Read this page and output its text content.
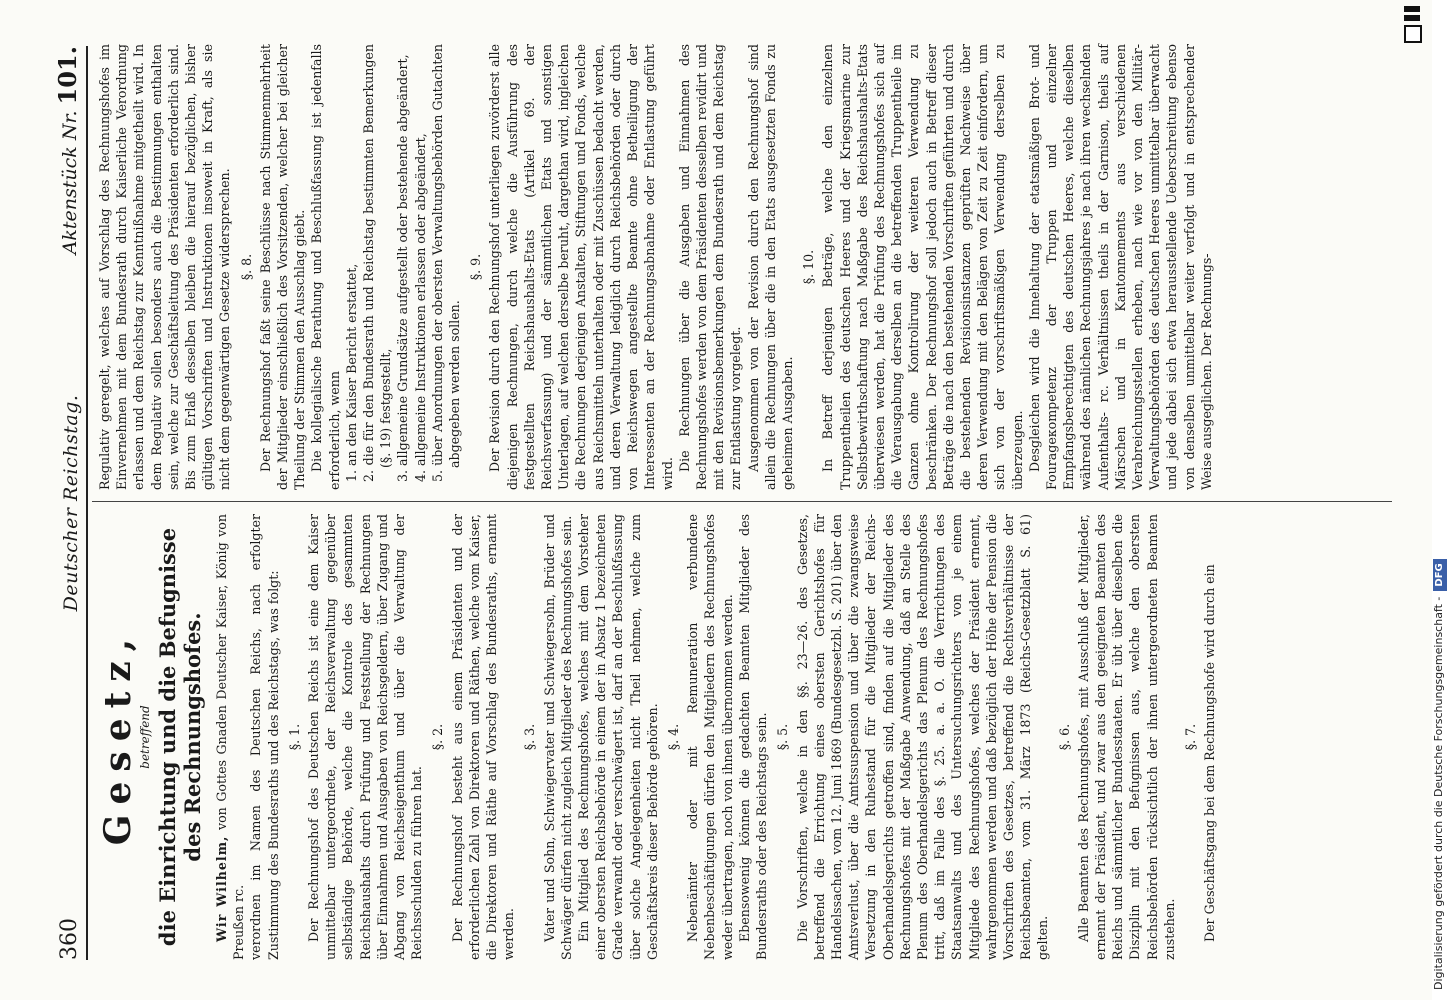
360
Deutscher Reichstag.
Aktenstück Nr. 101.
Gesetz, betreffend die Einrichtung und die Befugnisse des Rechnungshofes.

Wir Wilhelm, von Gottes Gnaden Deutscher Kaiser, König von Preußen rc. verordnen im Namen des Deutschen Reichs, nach erfolgter Zustimmung des Bundesraths und des Reichstags, was folgt: §. 1. Der Rechnungshof des Deutschen Reichs ist eine dem Kaiser unmittelbar untergeordnete, der Reichsverwaltung gegenüber selbständige Behörde, welche die Kontrole des gesammten Reichshaushalts durch Prüfung und Feststellung der Rechnungen über Einnahmen und Ausgaben von Reichsgeldern, über Zugang und Abgang von Reichseigenthum und über die Verwaltung der Reichsschulden zu führen hat.

§. 2. Der Rechnungshof besteht aus einem Präsidenten und der erforderlichen Zahl von Direktoren und Räthen, welche vom Kaiser, die Direktoren und Räthe auf Vorschlag des Bundesraths, ernannt werden.

§. 3. Vater und Sohn, Schwiegervater und Schwiegersohn, Brüder und Schwäger dürfen nicht zugleich Mitglieder des Rechnungshofes sein. Ein Mitglied des Rechnungshofes, welches mit dem Vorsteher einer obersten Reichsbehörde in einem der in Absatz 1 bezeichneten Grade verwandt oder verschwägert ist, darf an der Beschlußfassung über solche Angelegenheiten nicht Theil nehmen, welche zum Geschäftskreis dieser Behörde gehören. §. 4. Nebenämter oder mit Remuneration verbundene Nebenbeschäftigungen dürfen den Mitgliedern des Rechnungshofes weder übertragen, noch von ihnen übernommen werden. Ebensowenig können die gedachten Beamten Mitglieder des Bundesraths oder des Reichstags sein. §. 5. Die Vorschriften, welche in den §§. 23—26. des Gesetzes, betreffend die Errichtung eines obersten Gerichtshofes für Handelssachen, vom 12. Juni 1869 (Bundesgesetzbl. S. 201) über den Amtsverlust, über die Amtssuspension und über die zwangsweise Versetzung in den Ruhestand für die Mitglieder der Reichs-Oberhandelsgerichts getroffen sind, finden auf die Mitglieder des Rechnungshofes mit der Maßgabe Anwendung, daß an Stelle des Plenum des Oberhandelsgerichts das Plenum des Rechnungshofes tritt, daß im Falle des §. 25. a. a. O. die Verrichtungen des Staatsanwalts und des Untersuchungsrichters von je einem Mitgliede des Rechnungshofes, welches der Präsident ernennt, wahrgenommen werden und daß bezüglich der Höhe der Pension die Vorschriften des Gesetzes, betreffend die Rechtsverhältnisse der Reichsbeamten, vom 31. März 1873 (Reichs-Gesetzblatt S. 61) gelten.

§. 6. Alle Beamten des Rechnungshofes, mit Ausschluß der Mitglieder, ernennt der Präsident, und zwar aus den geeigneten Beamten des Reichs und sämmtlicher Bundesstaaten. Er übt über dieselben die Disziplin mit den Befugnissen aus, welche den obersten Reichsbehörden rücksichtlich der ihnen untergeordneten Beamten zustehen.

§. 7. Der Geschäftsgang bei dem Rechnungshofe wird durch ein

Regulativ geregelt, welches auf Vorschlag des Rechnungshofes im Einvernehmen mit dem Bundesrath durch Kaiserliche Verordnung erlassen und dem Reichstag zur Kenntnißnahme mitgetheilt wird. In dem Regulativ sollen besonders auch die Bestimmungen enthalten sein, welche zur Geschäftsleitung des Präsidenten erforderlich sind. Bis zum Erlaß desselben bleiben die hierauf bezüglichen, bisher gültigen Vorschriften und Instruktionen insoweit in Kraft, als sie nicht dem gegenwärtigen Gesetze widersprechen. §. 8. Der Rechnungshof faßt seine Beschlüsse nach Stimmenmehrheit der Mitglieder einschließlich des Vorsitzenden, welcher bei gleicher Theilung der Stimmen den Ausschlag giebt. Die kollegialische Berathung und Beschlußfassung ist jedenfalls erforderlich, wenn 1. an den Kaiser Bericht erstattet, 2. die für den Bundesrath und Reichstag bestimmten Bemerkungen (§. 19) festgestellt, 3. allgemeine Grundsätze aufgestellt oder bestehende abgeändert, 4. allgemeine Instruktionen erlassen oder abgeändert, 5. über Anordnungen der obersten Verwaltungsbehörden Gutachten abgegeben werden sollen.
§. 9. Der Revision durch den Rechnungshof unterliegen zuvörderst alle diejenigen Rechnungen, durch welche die Ausführung des festgestellten Reichshaushalts-Etats (Artikel 69. der Reichsverfassung) und der sämmtlichen Etats und sonstigen Unterlagen, auf welchen derselbe beruht, dargethan wird, ingleichen die Rechnungen derjenigen Anstalten, Stiftungen und Fonds, welche aus Reichsmitteln unterhalten oder mit Zuschüssen bedacht werden, und deren Verwaltung lediglich durch Reichsbehörden oder durch von Reichswegen angestellte Beamte ohne Betheiligung der Interessenten an der Rechnungsabnahme oder Entlastung geführt wird.

Die Rechnungen über die Ausgaben und Einnahmen des Rechnungshofes werden von dem Präsidenten desselben revidirt und mit den Revisionsbemerkungen dem Bundesrath und dem Reichstag zur Entlastung vorgelegt. Ausgenommen von der Revision durch den Rechnungshof sind allein die Rechnungen über die in den Etats ausgesetzten Fonds zu geheimen Ausgaben.

§. 10. In Betreff derjenigen Beträge, welche den einzelnen Truppentheilen des deutschen Heeres und der Kriegsmarine zur Selbstbewirthschaftung nach Maßgabe des Reichshaushalts-Etats überwiesen werden, hat die Prüfung des Rechnungshofes sich auf die Verausgabung derselben an die betreffenden Truppentheile im Ganzen ohne Kontrolirung der weiteren Verwendung zu beschränken. Der Rechnungshof soll jedoch auch in Betreff dieser Beträge die nach den bestehenden Vorschriften geführten und durch die bestehenden Revisionsinstanzen geprüften Nachweise über deren Verwendung mit den Belägen von Zeit zu Zeit einfordern, um sich von der vorschriftsmäßigen Verwendung derselben zu überzeugen. Desgleichen wird die Innehaltung der etatsmäßigen Brot- und Fourageкompetenz der Truppen und einzelner Empfangsberechtigten des deutschen Heeres, welche dieselben während des nämlichen Rechnungsjahres je nach ihren wechselnden Aufenthalts- rc. Verhältnissen theils in der Garnison, theils auf Märschen und in Kantonnements aus verschiedenen Verabreichungsstellen erheben, nach wie vor von den Militär-Verwaltungsbehörden des deutschen Heeres unmittelbar überwacht und jede dabei sich etwa herausstellende Ueberschreitung ebenso von denselben unmittelbar weiter verfolgt und in entsprechender Weise ausgeglichen. Der Rechnungs-

Digitalisierung gefördert durch die Deutsche Forschungsgemeinschaft -DFG
